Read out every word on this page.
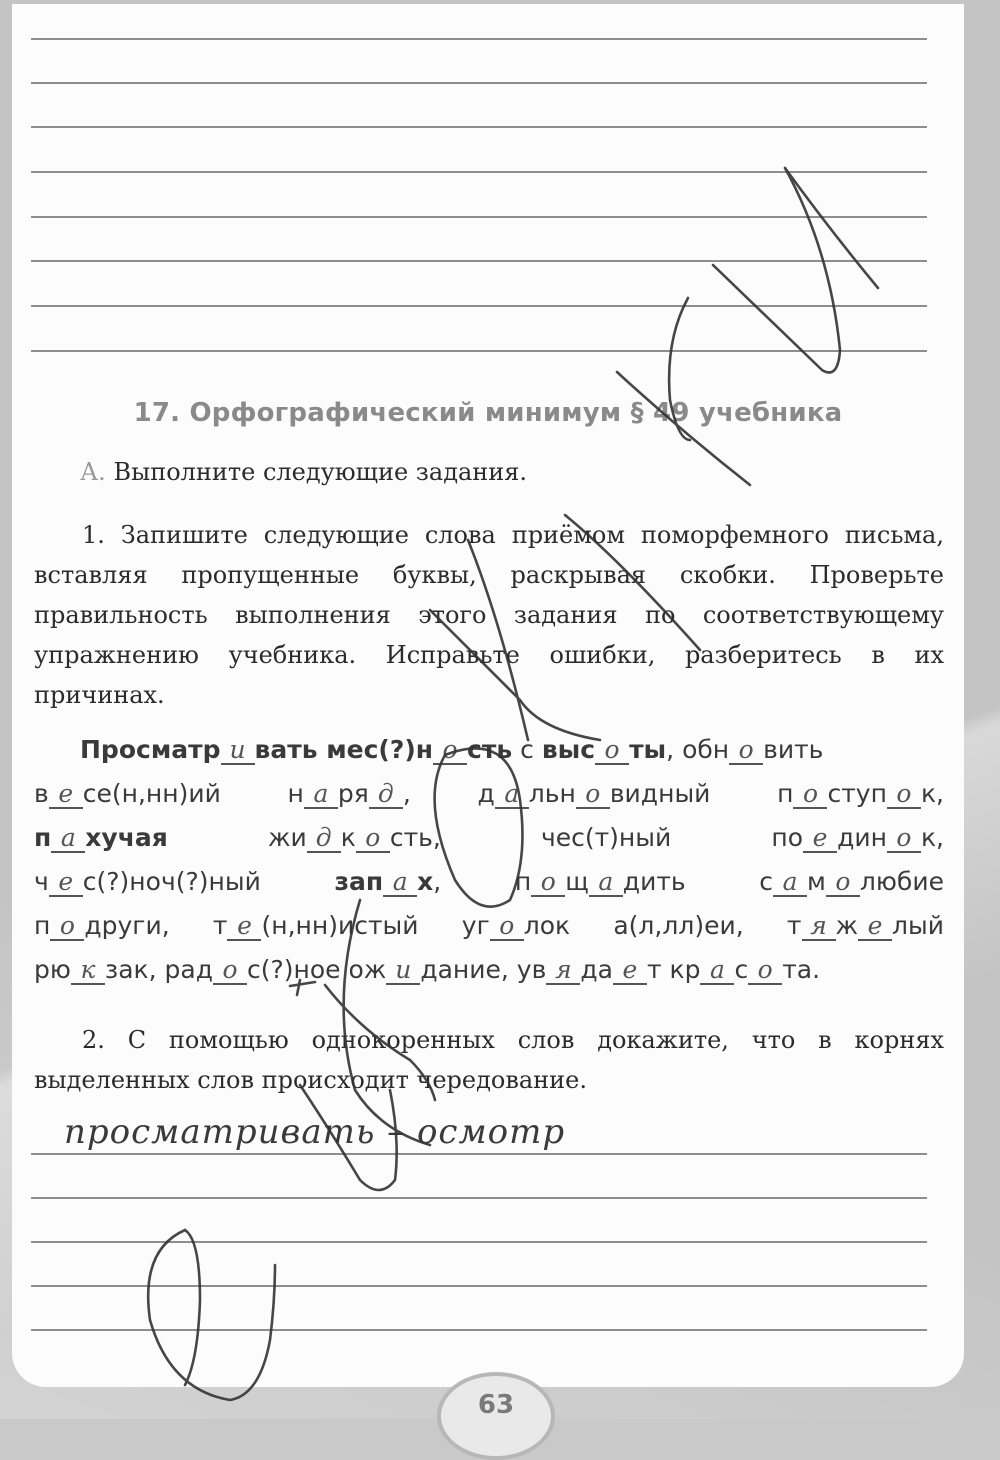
17. Орфографический минимум § 49 учебника
А. Выполните следующие задания.
1. Запишите следующие слова приёмом поморфемного письма, вставляя пропущенные буквы, раскрывая скобки. Проверьте правильность выполнения этого задания по соответствующему упражнению учебника. Исправьте ошибки, разберитесь в их причинах.
Просматр и вать мес(?)н о сть с выс о ты, обн о вить
в е се(н,нн)ий	н а ря д ,	д а льн о видный	п о ступ о к,
п а хучая	жи д к о сть,	чес(т)ный	по е дин о к,
ч е с(?)ноч(?)ный	зап а х,	п о щ а дить	с а м о любие
п о други, т е (н,нн)истый уг о лок а(л,лл)еи, т я ж е лый
рю к зак, рад о с(?)ное ож и дание, ув я да е т кр а с о та.
2. С помощью однокоренных слов докажите, что в корнях выделенных слов происходит чередование.
просматривать – осмотр
63
